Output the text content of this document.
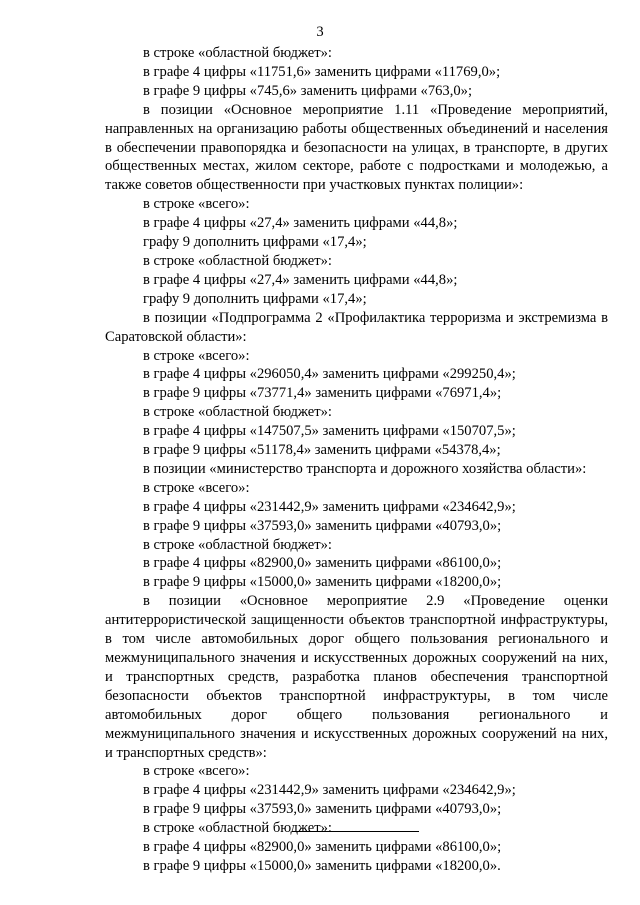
3

в строке «областной бюджет»:

в графе 4 цифры «11751,6» заменить цифрами «11769,0»;

в графе 9 цифры «745,6» заменить цифрами «763,0»;

в позиции «Основное мероприятие 1.11 «Проведение мероприятий, направленных на организацию работы общественных объединений и населения в обеспечении правопорядка и безопасности на улицах, в транспорте, в других общественных местах, жилом секторе, работе с подростками и молодежью, а также советов общественности при участковых пунктах полиции»:

в строке «всего»:

в графе 4 цифры «27,4» заменить цифрами «44,8»;

графу 9 дополнить цифрами «17,4»;

в строке «областной бюджет»:

в графе 4 цифры «27,4» заменить цифрами «44,8»;

графу 9 дополнить цифрами «17,4»;

в позиции «Подпрограмма 2 «Профилактика терроризма и экстремизма в Саратовской области»:

в строке «всего»:

в графе 4 цифры «296050,4» заменить цифрами «299250,4»;

в графе 9 цифры «73771,4» заменить цифрами «76971,4»;

в строке «областной бюджет»:

в графе 4 цифры «147507,5» заменить цифрами «150707,5»;

в графе 9 цифры «51178,4» заменить цифрами «54378,4»;

в позиции «министерство транспорта и дорожного хозяйства области»:

в строке «всего»:

в графе 4 цифры «231442,9» заменить цифрами «234642,9»;

в графе 9 цифры «37593,0» заменить цифрами «40793,0»;

в строке «областной бюджет»:

в графе 4 цифры «82900,0» заменить цифрами «86100,0»;

в графе 9 цифры «15000,0» заменить цифрами «18200,0»;

в позиции «Основное мероприятие 2.9 «Проведение оценки антитеррористической защищенности объектов транспортной инфраструктуры, в том числе автомобильных дорог общего пользования регионального и межмуниципального значения и искусственных дорожных сооружений на них, и транспортных средств, разработка планов обеспечения транспортной безопасности объектов транспортной инфраструктуры, в том числе автомобильных дорог общего пользования регионального и межмуниципального значения и искусственных дорожных сооружений на них, и транспортных средств»:

в строке «всего»:

в графе 4 цифры «231442,9» заменить цифрами «234642,9»;

в графе 9 цифры «37593,0» заменить цифрами «40793,0»;

в строке «областной бюджет»:

в графе 4 цифры «82900,0» заменить цифрами «86100,0»;

в графе 9 цифры «15000,0» заменить цифрами «18200,0».
